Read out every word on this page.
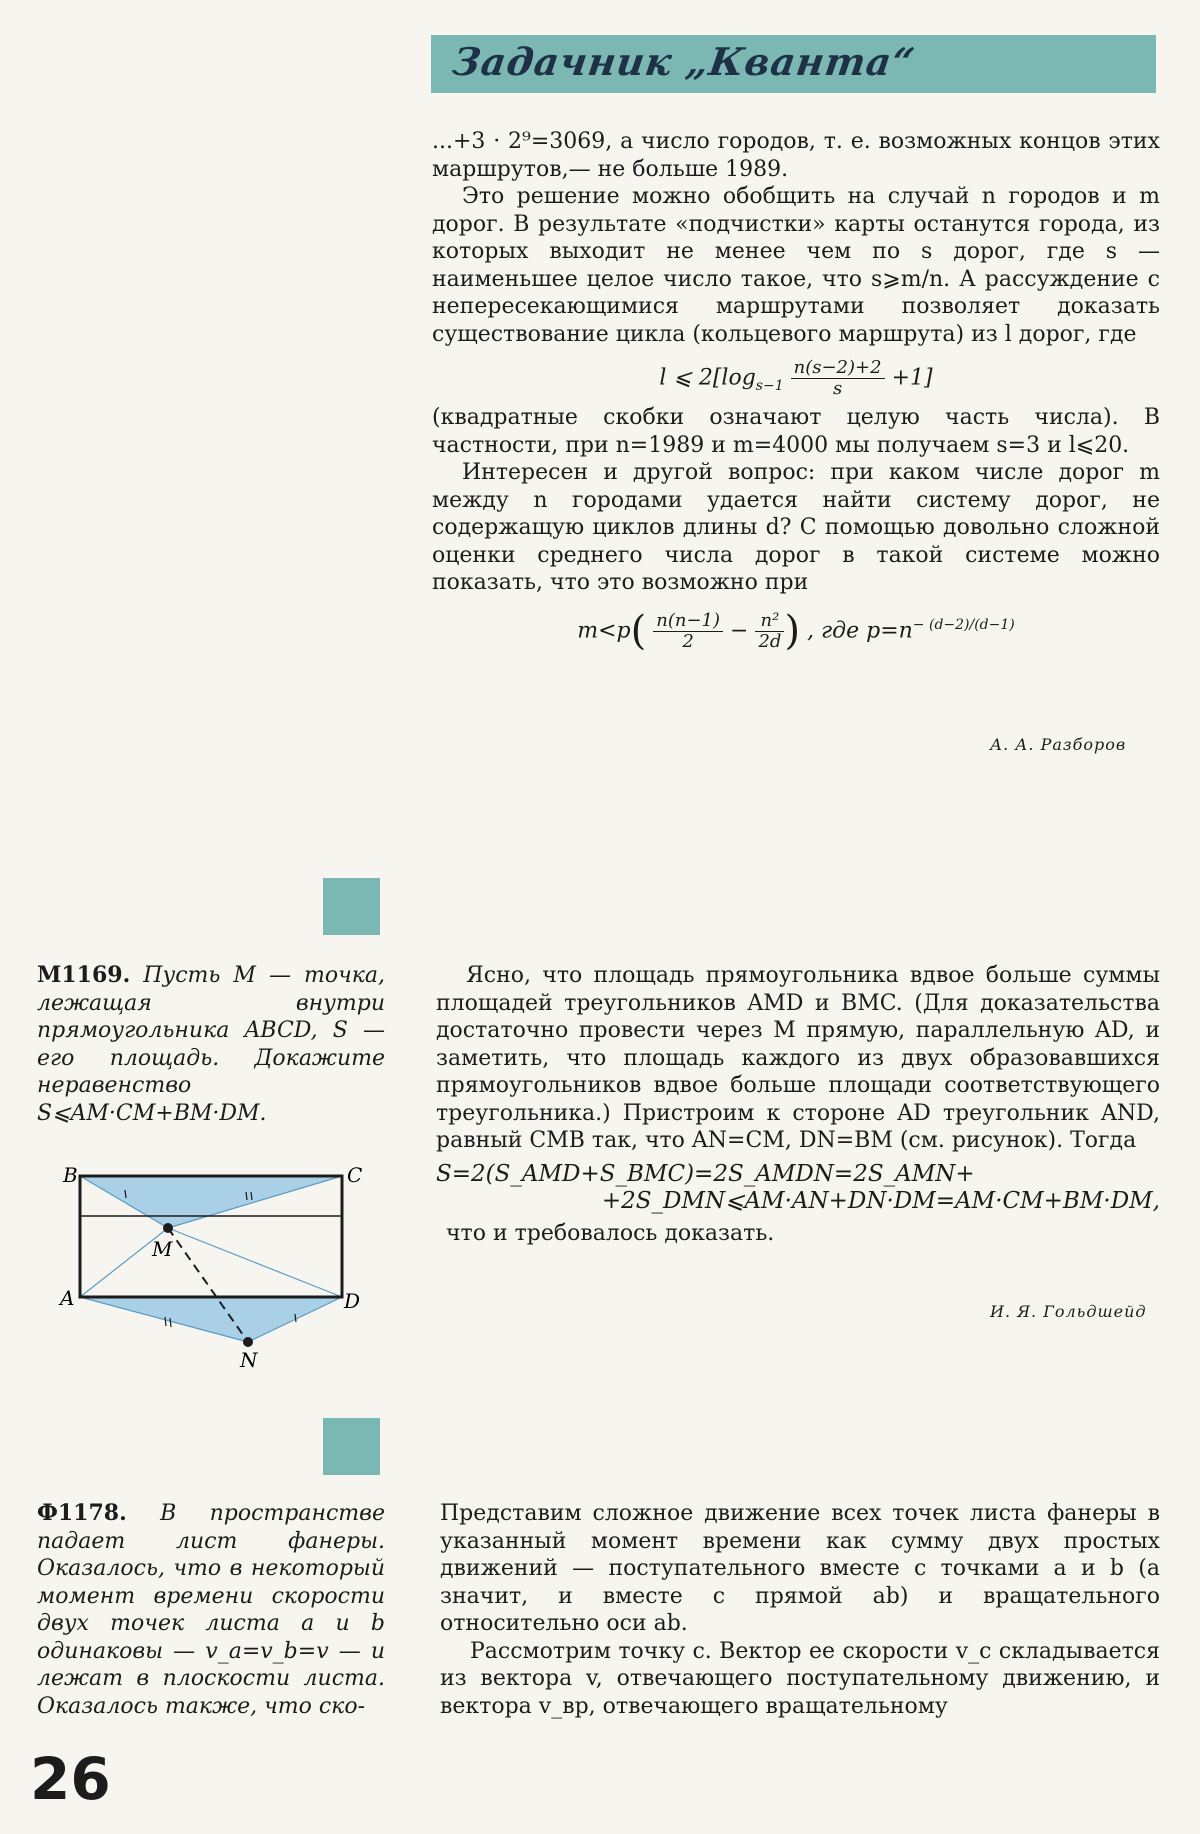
Задачник „Кванта“

...+3 · 2⁹=3069, а число городов, т. е. возможных концов этих маршрутов,— не больше 1989.

Это решение можно обобщить на случай n городов и m дорог. В результате «подчистки» карты останутся города, из которых выходит не менее чем по s дорог, где s — наименьшее целое число такое, что s⩾m/n. А рассуждение с непересекающимися маршрутами позволяет доказать существование цикла (кольцевого маршрута) из l дорог, где

l ⩽ $2[\log_{s-1} \frac{n(s-2)+2}{s} +1]$

(квадратные скобки означают целую часть числа). В частности, при n=1989 и m=4000 мы получаем s=3 и l⩽20.

Интересен и другой вопрос: при каком числе дорог m между n городами удается найти систему дорог, не содержащую циклов длины d? С помощью довольно сложной оценки среднего числа дорог в такой системе можно показать, что это возможно при

$m<p( \frac{n(n-1)}{2} - \frac{\text{n²}}{2d}$ ) , где $p=n^{- (d-2)/(d-1)}$
А. А. Разборов

М1169. Пусть M — точка, лежащая внутри прямоугольника ABCD, S — его площадь. Докажите неравенство

S⩽AM·CM+BM·DM.

B	C
A	D
M
N

Ясно, что площадь прямоугольника вдвое больше суммы площадей треугольников AMD и BMC. (Для доказательства достаточно провести через M прямую, параллельную AD, и заметить, что площадь каждого из двух образовавшихся прямоугольников вдвое больше площади соответствующего треугольника.) Пристроим к стороне AD треугольник AND, равный CMB так, что AN=CM, DN=BM (см. рисунок). Тогда

S=2(S_AMD+S_BMC)=2S_AMDN=2S_AMN+

+2S_DMN⩽AM·AN+DN·DM=AM·CM+BM·DM,

что и требовалось доказать.

И. Я. Гольдшейд

Ф1178. В пространстве падает лист фанеры. Оказалось, что в некоторый момент времени скорости двух точек листа a и b одинаковы — v_a=v_b=v — и лежат в плоскости листа. Оказалось также, что ско-

Представим сложное движение всех точек листа фанеры в указанный момент времени как сумму двух простых движений — поступательного вместе с точками a и b (а значит, и вместе с прямой ab) и вращательного относительно оси ab.

Рассмотрим точку c. Вектор ее скорости v_c складывается из вектора v, отвечающего поступательному движению, и вектора v_вр, отвечающего вращательному

26
